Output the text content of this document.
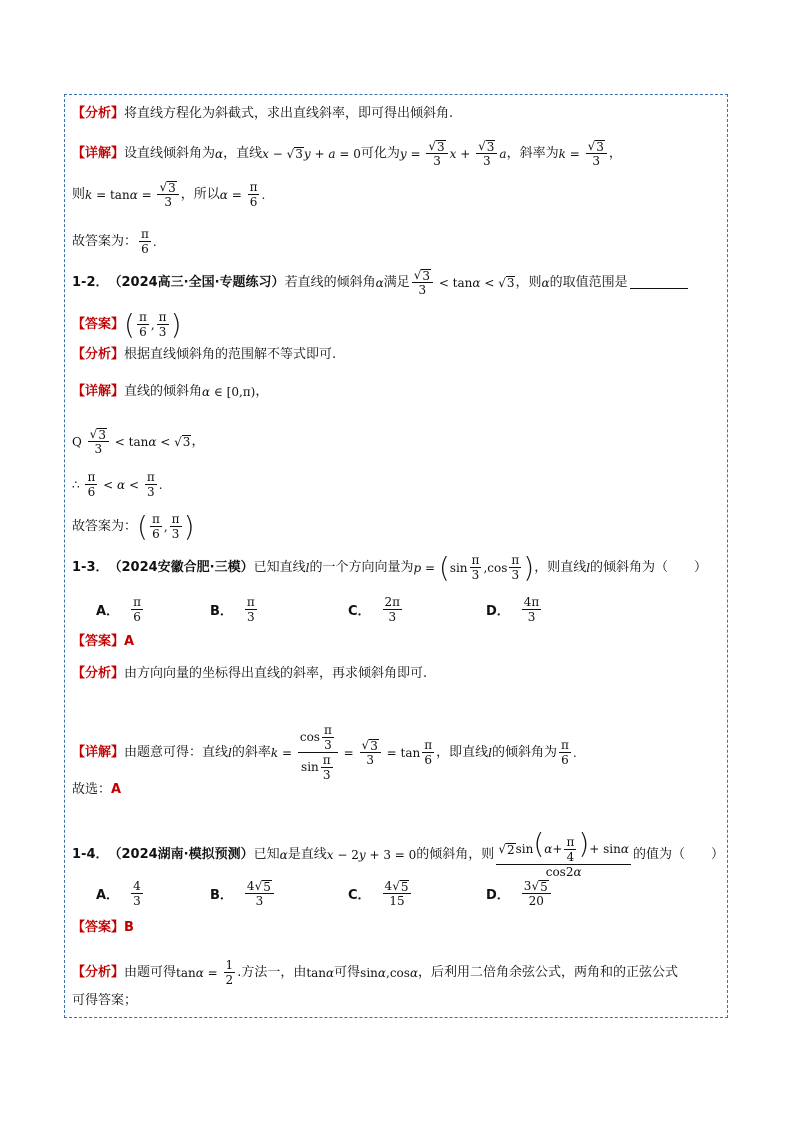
【分析】 将直线方程化为斜截式，求出直线斜率，即可得出倾斜角.
【详解】 设直线倾斜角为 α ，直线 x − √ 3 y + a = 0 可化为 $y = \frac{√ 3}{3}$ $x + \frac{√ 3}{3}$ a ，斜率为 $k = \frac{√ 3}{3}$ ，
则 $k = \tan \alpha = \frac{√ 3}{3}$ ，所以 $\alpha = \frac{\pi}{6}$ .
故答案为： $\frac{\pi}{6}$ .
1-2． （2024高三·全国·专题练习） 若直线的倾斜角 α 满足 $\frac{√ 3}{3} < \tan \alpha$ < √ 3 ，则 α 的取值范围是
【答案】 ( $\frac{\pi}{6}$ , $\frac{\pi}{3}$ )
【分析】 根据直线倾斜角的范围解不等式即可.
【详解】 直线的倾斜角 α ∈ [0,π) ，
Q $\frac{√ 3}{3} < \tan \alpha$ < √ 3 ，
∴ $\frac{\pi}{6} < \alpha < \frac{\pi}{3}$ .
故答案为： ( $\frac{\pi}{6}$ , $\frac{\pi}{3}$ )
1-3． （2024安徽合肥·三模） 已知直线 l 的一个方向向量为 p = ( $\sin \frac{\pi}{3} ,\cos \frac{\pi}{3}$ ) ，则直线 l 的倾斜角为（　　）
A． $\frac{\pi}{6}$	B． $\frac{\pi}{3}$	C． $\frac{2\pi}{3}$	D． $\frac{4\pi}{3}$
【答案】 A
【分析】 由方向向量的坐标得出直线的斜率，再求倾斜角即可.
【详解】 由题意可得：直线 l 的斜率 $k = \frac{\cos \frac{\pi}{3}}{\sin \frac{\pi}{3}} = \frac{√ 3}{3} = \tan \frac{\pi}{6}$ ，即直线 l 的倾斜角为 $\frac{\pi}{6}$ .
故选： A
1-4． （2024湖南·模拟预测） 已知 α 是直线 x − 2 y + 3 = 0 的倾斜角，则 $\frac{√ 2 \sin(\alpha+ \frac{\pi}{4} )+ \sin\alpha}{\cos 2\alpha}$ 的值为（　　）
A． $\frac{4}{3}$	B． $\frac{4 √ 5}{3}$	C． $\frac{4 √ 5}{15}$	D． $\frac{3 √ 5}{20}$
【答案】 B
【分析】 由题可得 $\tan \alpha = \frac{1}{2}$ .方法一，由 tan α 可得 sin α ,cos α ，后利用二倍角余弦公式，两角和的正弦公式
可得答案；
